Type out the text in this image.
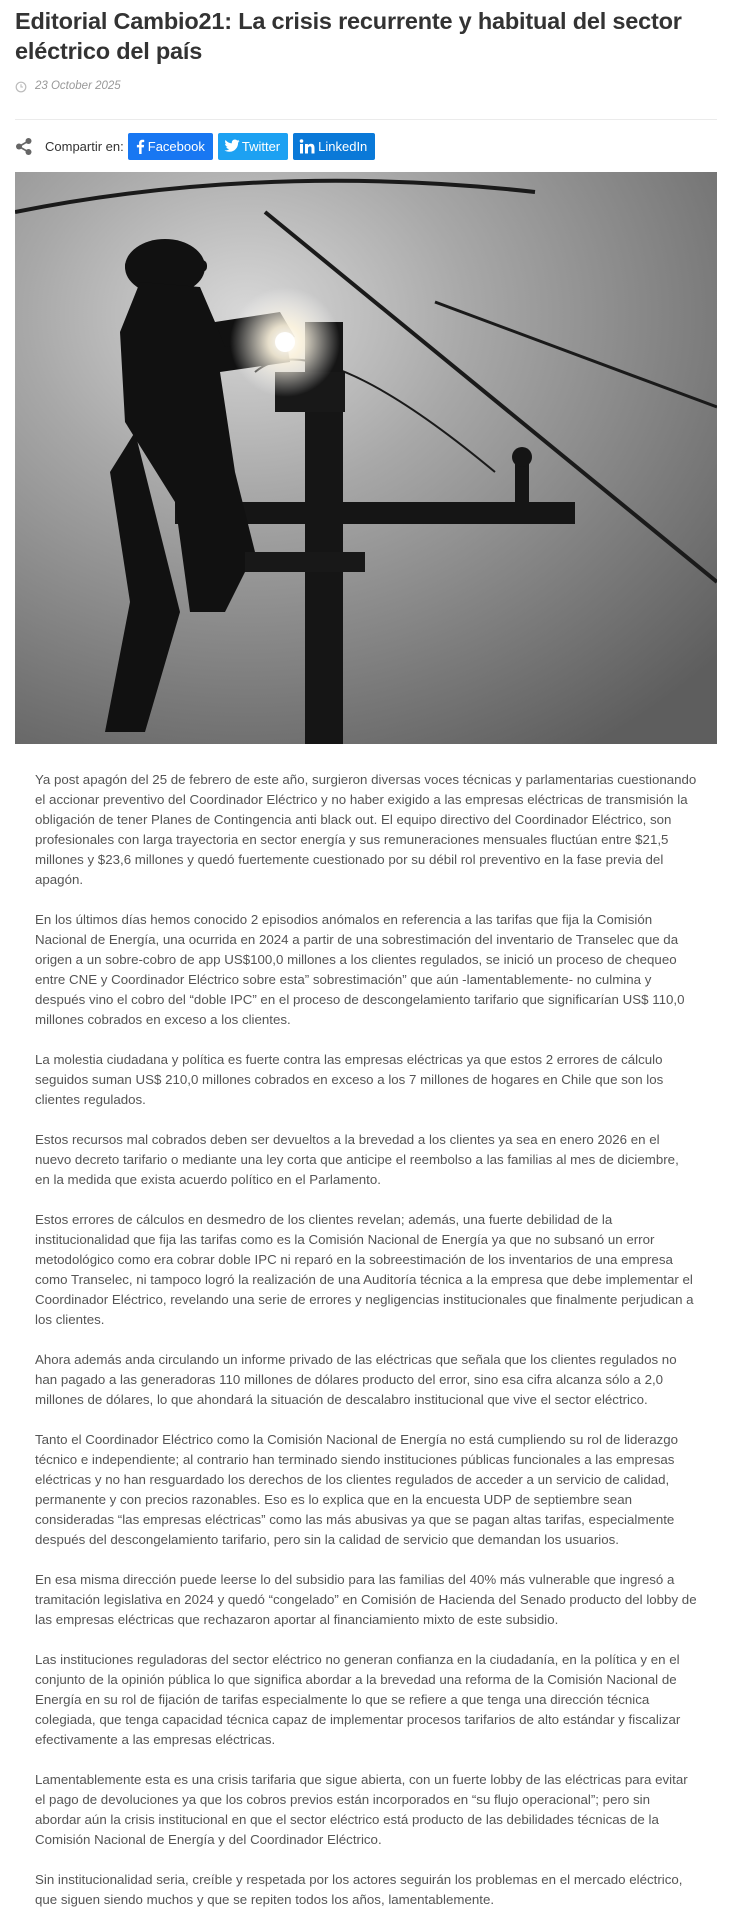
Editorial Cambio21: La crisis recurrente y habitual del sector eléctrico del país
23 October 2025
Compartir en: Facebook	Twitter	LinkedIn

Ya post apagón del 25 de febrero de este año, surgieron diversas voces técnicas y parlamentarias cuestionando el accionar preventivo del Coordinador Eléctrico y no haber exigido a las empresas eléctricas de transmisión la obligación de tener Planes de Contingencia anti black out. El equipo directivo del Coordinador Eléctrico, son profesionales con larga trayectoria en sector energía y sus remuneraciones mensuales fluctúan entre $21,5 millones y $23,6 millones y quedó fuertemente cuestionado por su débil rol preventivo en la fase previa del apagón.

En los últimos días hemos conocido 2 episodios anómalos en referencia a las tarifas que fija la Comisión Nacional de Energía, una ocurrida en 2024 a partir de una sobrestimación del inventario de Transelec que da origen a un sobre-cobro de app US$100,0 millones a los clientes regulados, se inició un proceso de chequeo entre CNE y Coordinador Eléctrico sobre esta” sobrestimación” que aún -lamentablemente- no culmina y después vino el cobro del “doble IPC” en el proceso de descongelamiento tarifario que significarían US$ 110,0 millones cobrados en exceso a los clientes.

La molestia ciudadana y política es fuerte contra las empresas eléctricas ya que estos 2 errores de cálculo seguidos suman US$ 210,0 millones cobrados en exceso a los 7 millones de hogares en Chile que son los clientes regulados.

Estos recursos mal cobrados deben ser devueltos a la brevedad a los clientes ya sea en enero 2026 en el nuevo decreto tarifario o mediante una ley corta que anticipe el reembolso a las familias al mes de diciembre, en la medida que exista acuerdo político en el Parlamento.

Estos errores de cálculos en desmedro de los clientes revelan; además, una fuerte debilidad de la institucionalidad que fija las tarifas como es la Comisión Nacional de Energía ya que no subsanó un error metodológico como era cobrar doble IPC ni reparó en la sobreestimación de los inventarios de una empresa como Transelec, ni tampoco logró la realización de una Auditoría técnica a la empresa que debe implementar el Coordinador Eléctrico, revelando una serie de errores y negligencias institucionales que finalmente perjudican a los clientes.

Ahora además anda circulando un informe privado de las eléctricas que señala que los clientes regulados no han pagado a las generadoras 110 millones de dólares producto del error, sino esa cifra alcanza sólo a 2,0 millones de dólares, lo que ahondará la situación de descalabro institucional que vive el sector eléctrico.

Tanto el Coordinador Eléctrico como la Comisión Nacional de Energía no está cumpliendo su rol de liderazgo técnico e independiente; al contrario han terminado siendo instituciones públicas funcionales a las empresas eléctricas y no han resguardado los derechos de los clientes regulados de acceder a un servicio de calidad, permanente y con precios razonables. Eso es lo explica que en la encuesta UDP de septiembre sean consideradas “las empresas eléctricas” como las más abusivas ya que se pagan altas tarifas, especialmente después del descongelamiento tarifario, pero sin la calidad de servicio que demandan los usuarios.

En esa misma dirección puede leerse lo del subsidio para las familias del 40% más vulnerable que ingresó a tramitación legislativa en 2024 y quedó “congelado” en Comisión de Hacienda del Senado producto del lobby de las empresas eléctricas que rechazaron aportar al financiamiento mixto de este subsidio.

Las instituciones reguladoras del sector eléctrico no generan confianza en la ciudadanía, en la política y en el conjunto de la opinión pública lo que significa abordar a la brevedad una reforma de la Comisión Nacional de Energía en su rol de fijación de tarifas especialmente lo que se refiere a que tenga una dirección técnica colegiada, que tenga capacidad técnica capaz de implementar procesos tarifarios de alto estándar y fiscalizar efectivamente a las empresas eléctricas.

Lamentablemente esta es una crisis tarifaria que sigue abierta, con un fuerte lobby de las eléctricas para evitar el pago de devoluciones ya que los cobros previos están incorporados en “su flujo operacional”; pero sin abordar aún la crisis institucional en que el sector eléctrico está producto de las debilidades técnicas de la Comisión Nacional de Energía y del Coordinador Eléctrico.

Sin institucionalidad seria, creíble y respetada por los actores seguirán los problemas en el mercado eléctrico, que siguen siendo muchos y que se repiten todos los años, lamentablemente.
